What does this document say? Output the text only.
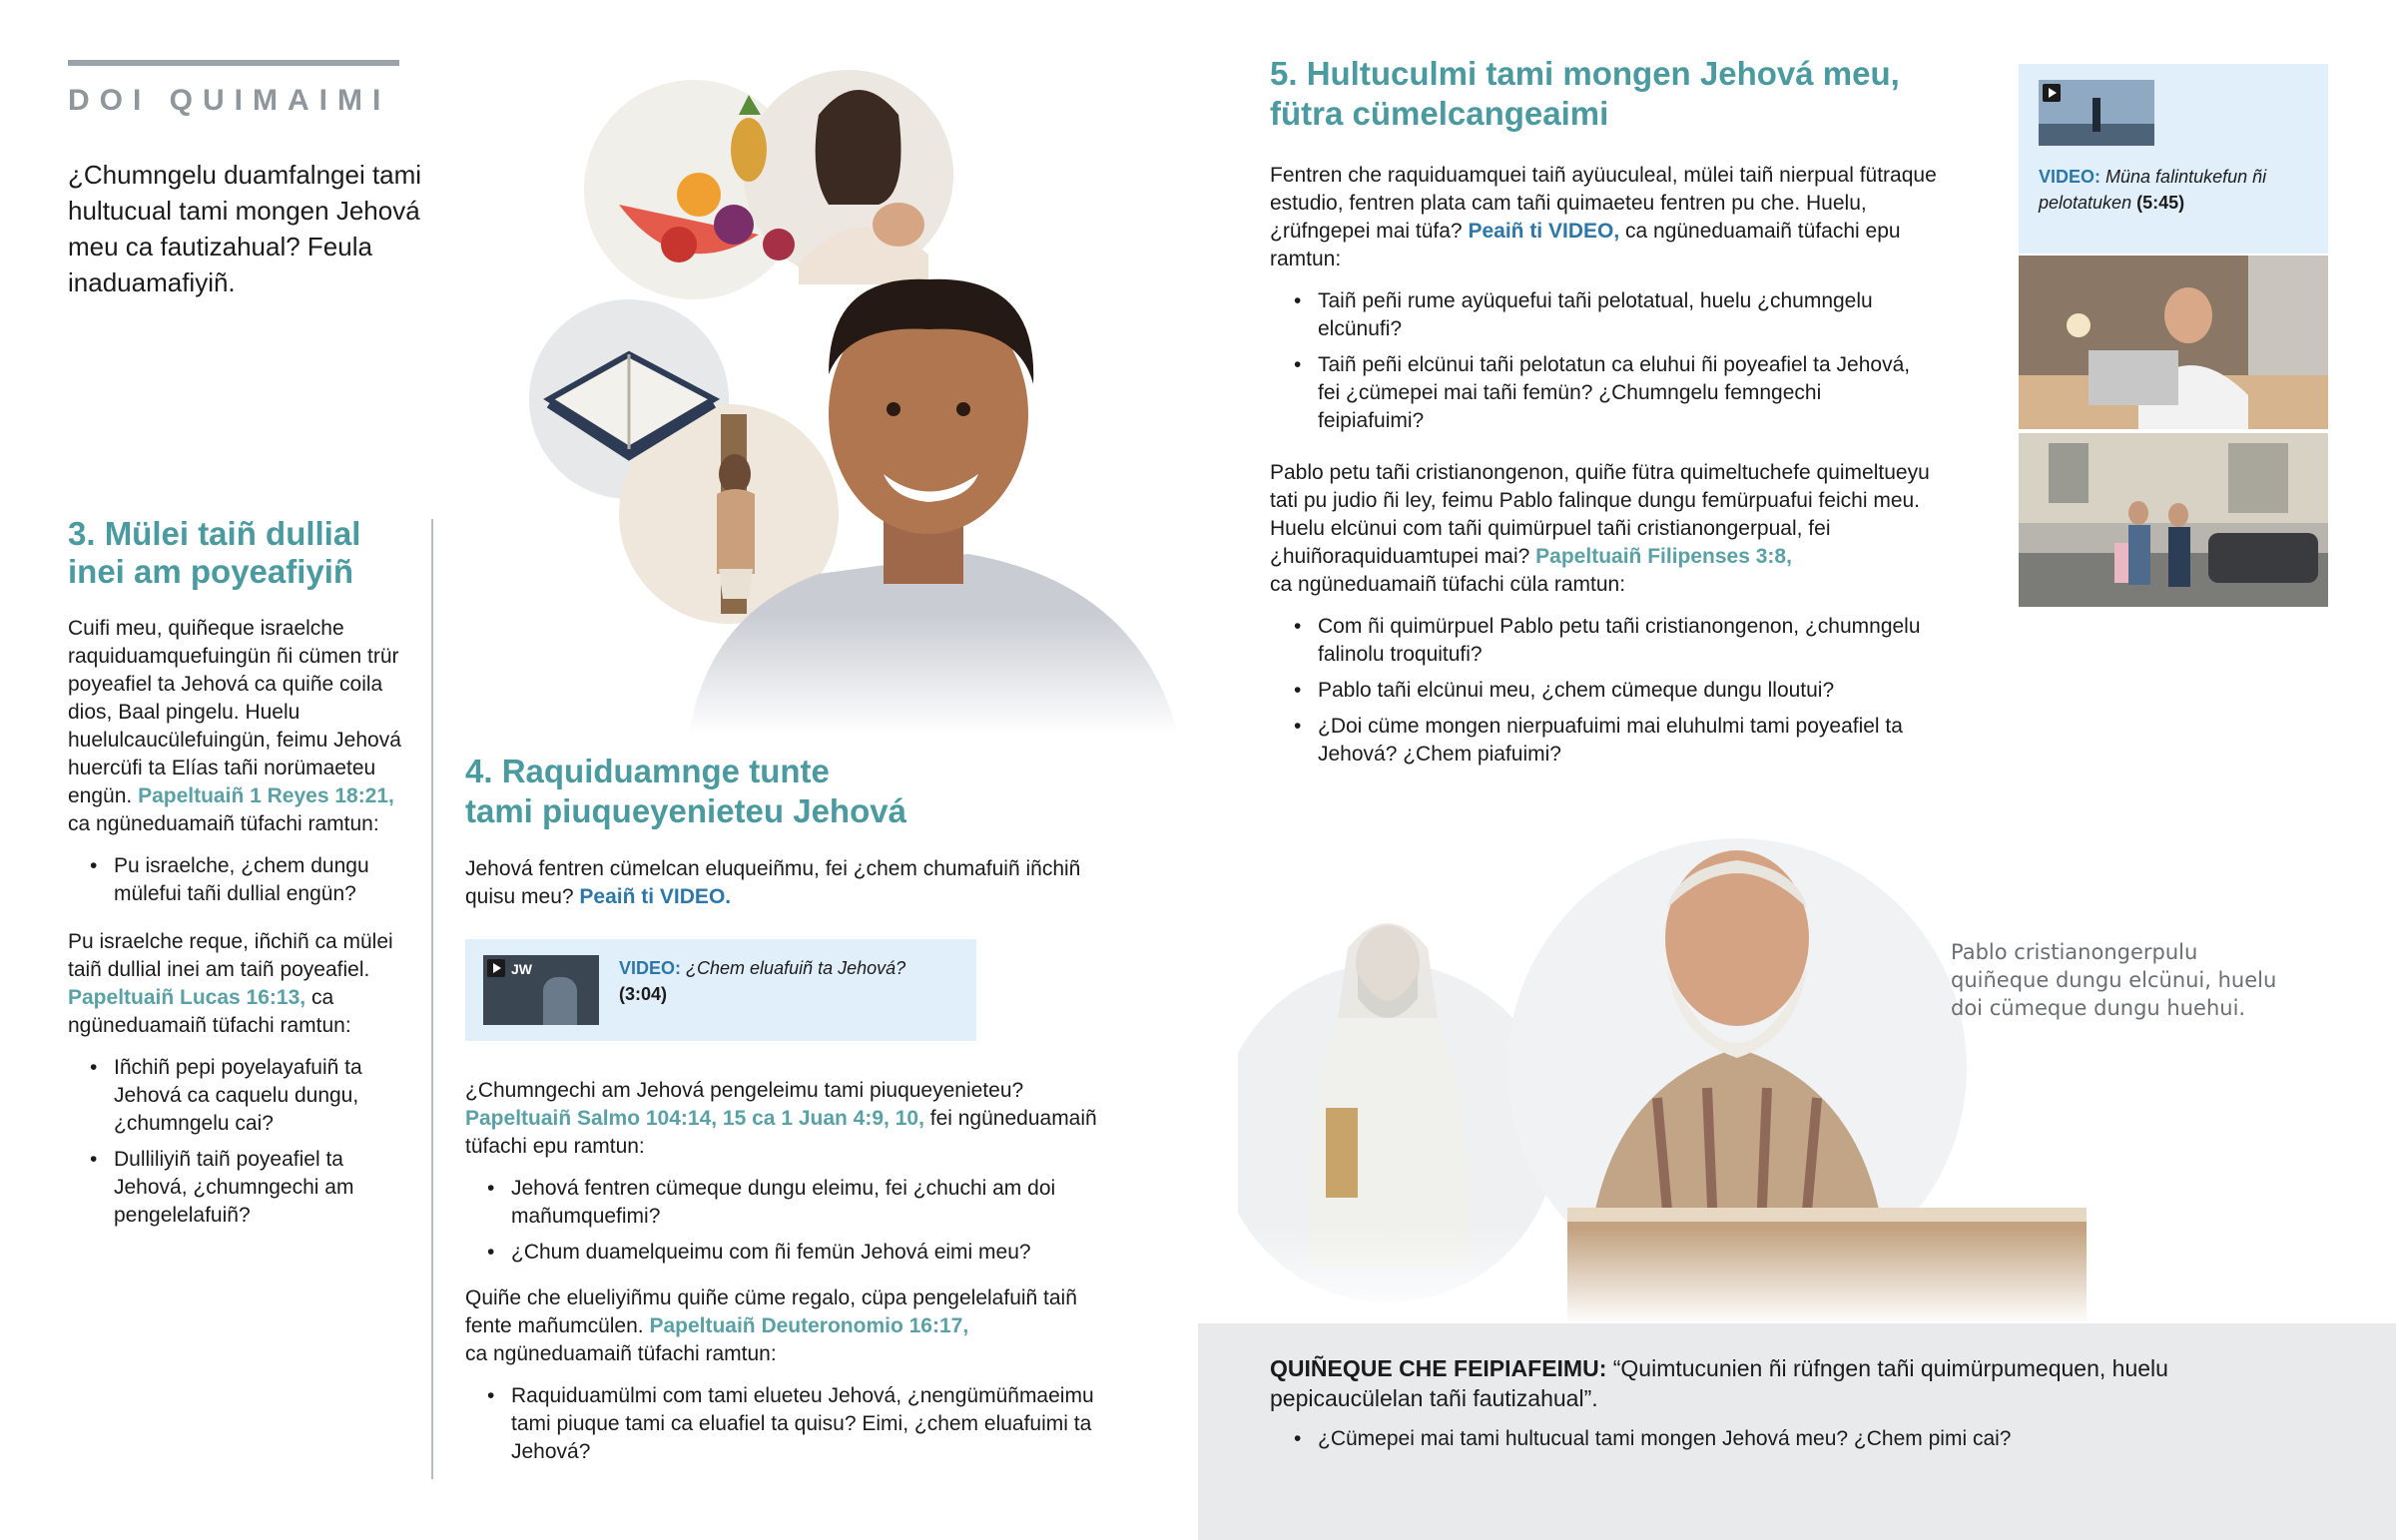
DOI QUIMAIMI

¿Chumngelu duamfalngei tami hultucual tami mongen Jehová meu ca fautizahual? Feula inaduamafiyiñ.

3. Mülei taiñ dullial
inei am poyeafiyiñ

Cuifi meu, quiñeque israelche raquiduamquefuingün ñi cümen trür poyeafiel ta Jehová ca quiñe coila dios, Baal pingelu. Huelu huelulcaucülefuingün, feimu Jehová huercüfi ta Elías tañi norümaeteu engün. Papeltuaiñ 1 Reyes 18:21, ca ngüneduamaiñ tüfachi ramtun:

• Pu israelche, ¿chem dungu mülefui tañi dullial engün?

Pu israelche reque, iñchiñ ca mülei taiñ dullial inei am taiñ poyeafiel. Papeltuaiñ Lucas 16:13, ca ngüneduamaiñ tüfachi ramtun:

• Iñchiñ pepi poyelayafuiñ ta Jehová ca caquelu dungu, ¿chumngelu cai?
• Dulliliyiñ taiñ poyeafiel ta Jehová, ¿chumngechi am pengelelafuiñ?
4. Raquiduamnge tunte
tami piuqueyenieteu Jehová

Jehová fentren cümelcan eluqueiñmu, fei ¿chem chumafuiñ iñchiñ quisu meu? Peaiñ ti VIDEO.

JW	VIDEO: ¿Chem eluafuiñ ta Jehová?
(3:04)

¿Chumngechi am Jehová pengeleimu tami piuqueyenieteu?
Papeltuaiñ Salmo 104:14, 15 ca 1 Juan 4:9, 10, fei ngüneduamaiñ tüfachi epu ramtun:

• Jehová fentren cümeque dungu eleimu, fei ¿chuchi am doi mañumquefimi?
• ¿Chum duamelqueimu com ñi femün Jehová eimi meu?

Quiñe che elueliyiñmu quiñe cüme regalo, cüpa pengelelafuiñ taiñ fente mañumcülen. Papeltuaiñ Deuteronomio 16:17,
ca ngüneduamaiñ tüfachi ramtun:

• Raquiduamülmi com tami elueteu Jehová, ¿nengümüñmaeimu tami piuque tami ca eluafiel ta quisu? Eimi, ¿chem eluafuimi ta Jehová?
5. Hultuculmi tami mongen Jehová meu,
fütra cümelcangeaimi

Fentren che raquiduamquei taiñ ayüuculeal, mülei taiñ nierpual fütraque estudio, fentren plata cam tañi quimaeteu fentren pu che. Huelu, ¿rüfngepei mai tüfa? Peaiñ ti VIDEO, ca ngüneduamaiñ tüfachi epu ramtun:

• Taiñ peñi rume ayüquefui tañi pelotatual, huelu ¿chumngelu elcünufi?
• Taiñ peñi elcünui tañi pelotatun ca eluhui ñi poyeafiel ta Jehová, fei ¿cümepei mai tañi femün? ¿Chumngelu femngechi feipiafuimi?

Pablo petu tañi cristianongenon, quiñe fütra quimeltuchefe quimeltueyu tati pu judio ñi ley, feimu Pablo falinque dungu femürpuafui feichi meu. Huelu elcünui com tañi quimürpuel tañi cristianongerpual, fei ¿huiñoraquiduamtupei mai? Papeltuaiñ Filipenses 3:8,
ca ngüneduamaiñ tüfachi cüla ramtun:

• Com ñi quimürpuel Pablo petu tañi cristianongenon, ¿chumngelu falinolu troquitufi?
• Pablo tañi elcünui meu, ¿chem cümeque dungu lloutui?
• ¿Doi cüme mongen nierpuafuimi mai eluhulmi tami poyeafiel ta Jehová? ¿Chem piafuimi?
VIDEO: Müna falintukefun ñi pelotatuken (5:45)

Pablo cristianongerpulu quiñeque dungu elcünui, huelu doi cümeque dungu huehui.

QUIÑEQUE CHE FEIPIAFEIMU: “Quimtucunien ñi rüfngen tañi quimürpumequen, huelu pepicaucülelan tañi fautizahual”.

• ¿Cümepei mai tami hultucual tami mongen Jehová meu? ¿Chem pimi cai?
